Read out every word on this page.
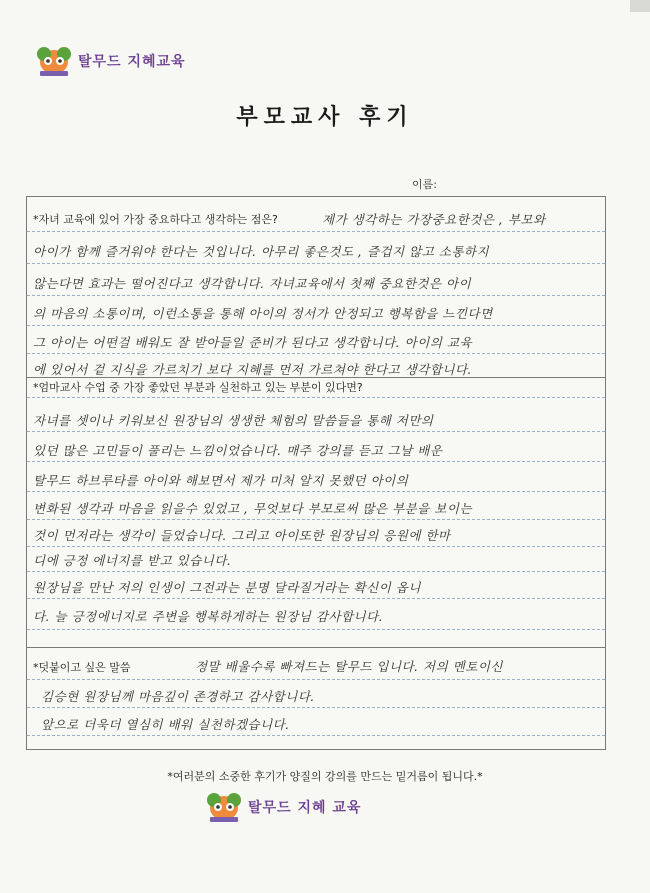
탈무드 지혜교육
부모교사 후기
이름:
*자녀 교육에 있어 가장 중요하다고 생각하는 점은?	제가 생각하는 가장중요한것은 , 부모와
아이가 함께 즐거워야 한다는 것입니다. 아무리 좋은것도 , 즐겁지 않고 소통하지
않는다면 효과는 떨어진다고 생각합니다. 자녀교육에서 첫째 중요한것은 아이
의 마음의 소통이며, 이런소통을 통해 아이의 정서가 안정되고 행복함을 느낀다면
그 아이는 어떤걸 배워도 잘 받아들일 준비가 된다고 생각합니다. 아이의 교육
에 있어서 겉 지식을 가르치기 보다 지혜를 먼저 가르쳐야 한다고 생각합니다.
*엄마교사 수업 중 가장 좋았던 부분과 실천하고 있는 부분이 있다면?
자녀를 셋이나 키워보신 원장님의 생생한 체험의 말씀들을 통해 저만의
있던 많은 고민들이 풀리는 느낌이었습니다. 매주 강의를 듣고 그날 배운
탈무드 하브루타를 아이와 해보면서 제가 미처 알지 못했던 아이의
변화된 생각과 마음을 읽을수 있었고 , 무엇보다 부모로써 많은 부분을 보이는
것이 먼저라는 생각이 들었습니다. 그리고 아이또한 원장님의 응원에 한마
디에 긍정 에너지를 받고 있습니다.
원장님을 만난 저의 인생이 그전과는 분명 달라질거라는 확신이 옵니
다. 늘 긍정에너지로 주변을 행복하게하는 원장님 감사합니다.
*덧붙이고 싶은 말씀	정말 배울수록 빠져드는 탈무드 입니다. 저의 멘토이신
김승현 원장님께 마음깊이 존경하고 감사합니다.
앞으로 더욱더 열심히 배워 실천하겠습니다.
*여러분의 소중한 후기가 양질의 강의를 만드는 밑거름이 됩니다.*
탈무드 지혜 교육
